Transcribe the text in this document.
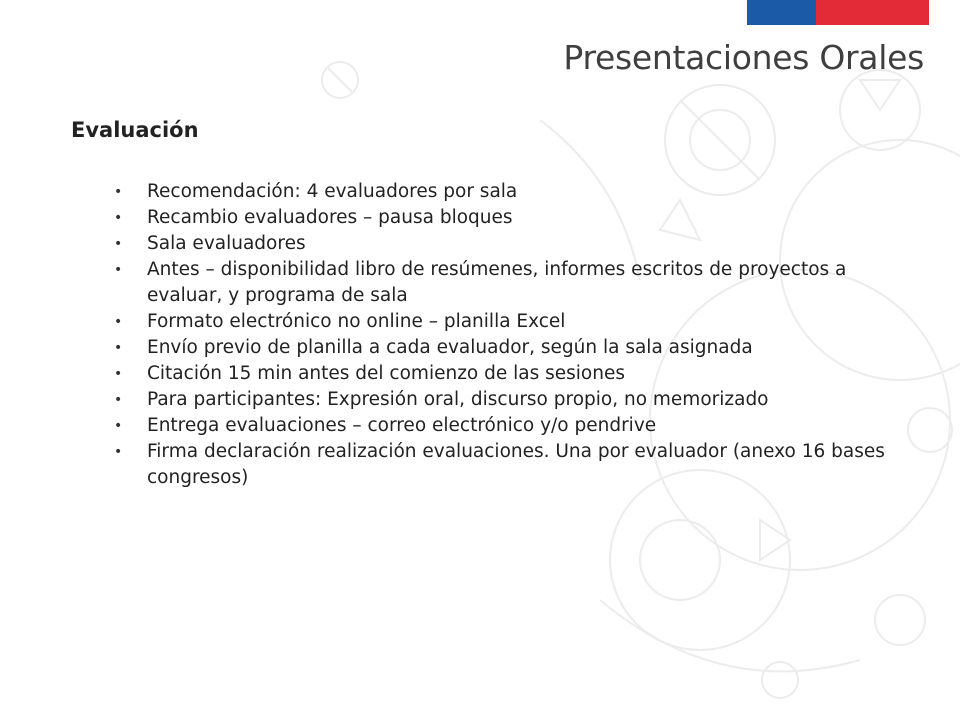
Presentaciones Orales
Evaluación
• Recomendación: 4 evaluadores por sala
• Recambio evaluadores – pausa bloques
• Sala evaluadores
• Antes – disponibilidad libro de resúmenes, informes escritos de proyectos a evaluar, y programa de sala
• Formato electrónico no online – planilla Excel
• Envío previo de planilla a cada evaluador, según la sala asignada
• Citación 15 min antes del comienzo de las sesiones
• Para participantes: Expresión oral, discurso propio, no memorizado
• Entrega evaluaciones – correo electrónico y/o pendrive
• Firma declaración realización evaluaciones. Una por evaluador (anexo 16 bases congresos)
